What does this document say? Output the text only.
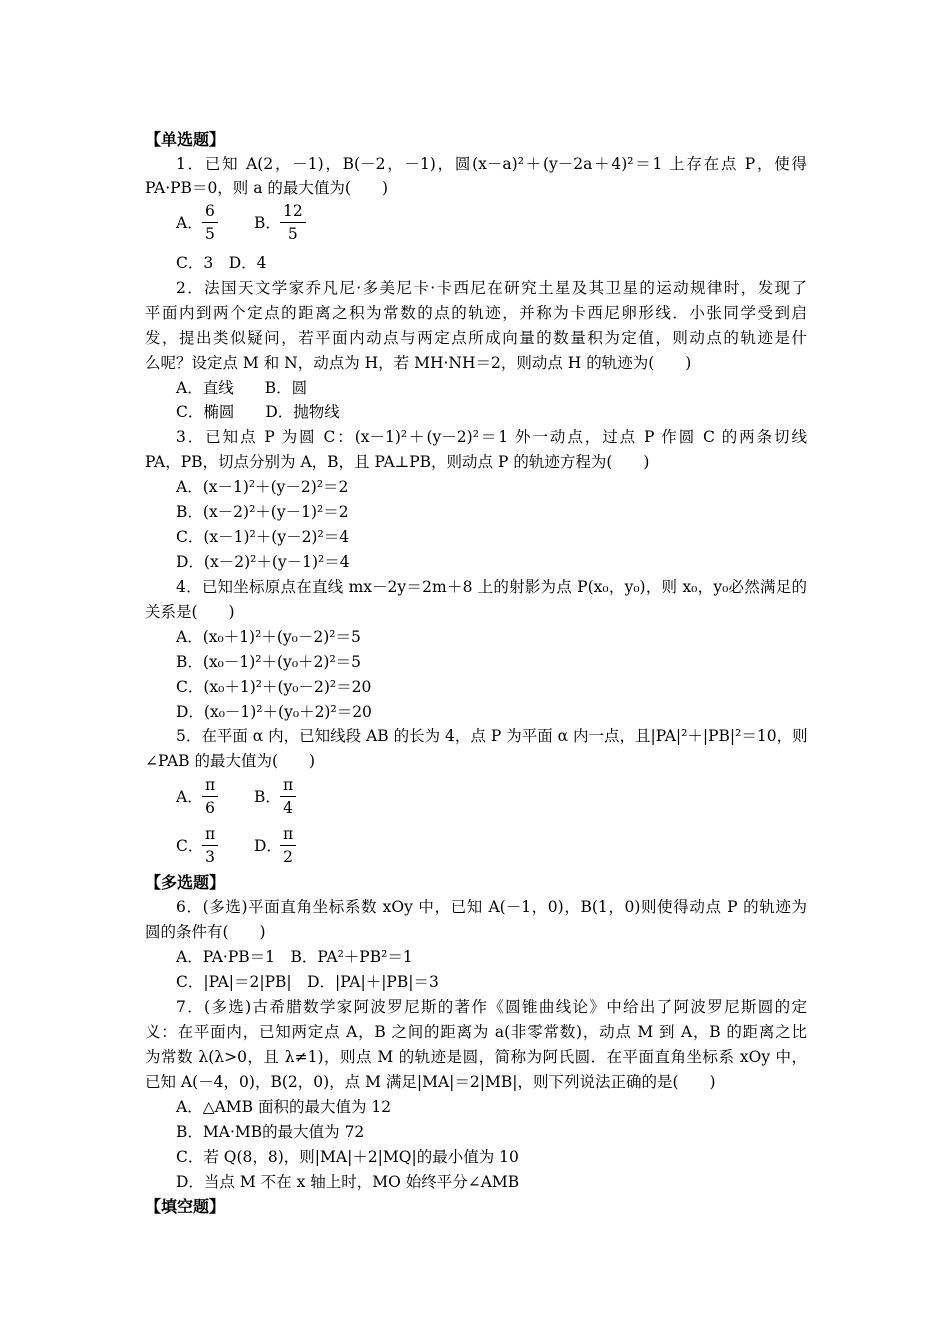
【单选题】
1．已知 A(2，－1)，B(－2，－1)，圆(x－a)²＋(y－2a＋4)²＝1 上存在点 P，使得
PA·PB＝0，则 a 的最大值为(　　)
A． $\frac{6}{5}$ B． $\frac{12}{5}$
C．3　D．4
2．法国天文学家乔凡尼·多美尼卡·卡西尼在研究土星及其卫星的运动规律时，发现了
平面内到两个定点的距离之积为常数的点的轨迹，并称为卡西尼卵形线．小张同学受到启
发，提出类似疑问，若平面内动点与两定点所成向量的数量积为定值，则动点的轨迹是什
么呢？设定点 M 和 N，动点为 H，若 MH·NH＝2，则动点 H 的轨迹为(　　)
A．直线　　B．圆
C．椭圆　　D．抛物线
3．已知点 P 为圆 C：(x－1)²＋(y－2)²＝1 外一动点，过点 P 作圆 C 的两条切线
PA，PB，切点分别为 A，B，且 PA⊥PB，则动点 P 的轨迹方程为(　　)
A．(x－1)²＋(y－2)²＝2
B．(x－2)²＋(y－1)²＝2
C．(x－1)²＋(y－2)²＝4
D．(x－2)²＋(y－1)²＝4
4．已知坐标原点在直线 mx－2y＝2m＋8 上的射影为点 P(x₀，y₀)，则 x₀，y₀必然满足的
关系是(　　)
A．(x₀＋1)²＋(y₀－2)²＝5
B．(x₀－1)²＋(y₀＋2)²＝5
C．(x₀＋1)²＋(y₀－2)²＝20
D．(x₀－1)²＋(y₀＋2)²＝20
5．在平面 α 内，已知线段 AB 的长为 4，点 P 为平面 α 内一点，且|PA|²＋|PB|²＝10，则
∠PAB 的最大值为(　　)
A． $\frac{\pi}{6}$ B． $\frac{\pi}{4}$
C．
$\frac{\pi}{3}$ D．
$\frac{\pi}{2}$
【多选题】
6．(多选)平面直角坐标系数 xOy 中，已知 A(－1，0)，B(1，0)则使得动点 P 的轨迹为
圆的条件有(　　)
A．PA·PB＝1　B．PA²＋PB²＝1
C．|PA|＝2|PB|　D．|PA|＋|PB|＝3
7．(多选)古希腊数学家阿波罗尼斯的著作《圆锥曲线论》中给出了阿波罗尼斯圆的定
义：在平面内，已知两定点 A，B 之间的距离为 a(非零常数)，动点 M 到 A，B 的距离之比
为常数 λ(λ>0，且 λ≠1)，则点 M 的轨迹是圆，简称为阿氏圆．在平面直角坐标系 xOy 中，
已知 A(－4，0)，B(2，0)，点 M 满足|MA|＝2|MB|，则下列说法正确的是(　　)
A．△AMB 面积的最大值为 12
B．MA·MB的最大值为 72
C．若 Q(8，8)，则|MA|＋2|MQ|的最小值为 10
D．当点 M 不在 x 轴上时，MO 始终平分∠AMB
【填空题】
